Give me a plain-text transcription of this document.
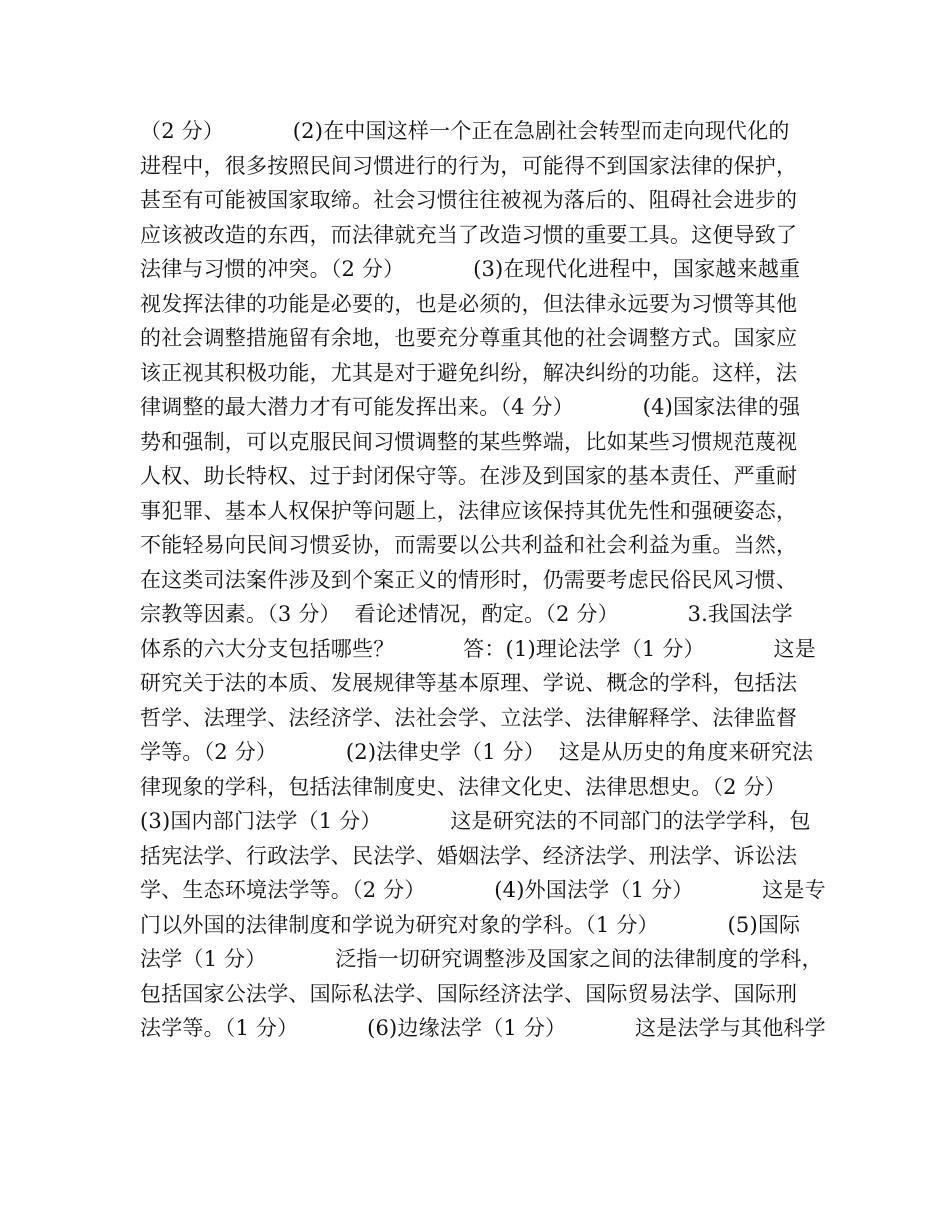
（2 分）          (2)在中国这样一个正在急剧社会转型而走向现代化的
进程中，很多按照民间习惯进行的行为，可能得不到国家法律的保护，
甚至有可能被国家取缔。社会习惯往往被视为落后的、阻碍社会进步的
应该被改造的东西，而法律就充当了改造习惯的重要工具。这便导致了
法律与习惯的冲突。（2 分）          (3)在现代化进程中，国家越来越重
视发挥法律的功能是必要的，也是必须的，但法律永远要为习惯等其他
的社会调整措施留有余地，也要充分尊重其他的社会调整方式。国家应
该正视其积极功能，尤其是对于避免纠纷，解决纠纷的功能。这样，法
律调整的最大潜力才有可能发挥出来。（4 分）          (4)国家法律的强
势和强制，可以克服民间习惯调整的某些弊端，比如某些习惯规范蔑视
人权、助长特权、过于封闭保守等。在涉及到国家的基本责任、严重耐
事犯罪、基本人权保护等问题上，法律应该保持其优先性和强硬姿态，
不能轻易向民间习惯妥协，而需要以公共利益和社会利益为重。当然，
在这类司法案件涉及到个案正义的情形时，仍需要考虑民俗民风习惯、
宗教等因素。（3 分）  看论述情况，酌定。（2 分）          3.我国法学
体系的六大分支包括哪些？          答：(1)理论法学（1 分）          这是
研究关于法的本质、发展规律等基本原理、学说、概念的学科，包括法
哲学、法理学、法经济学、法社会学、立法学、法律解释学、法律监督
学等。（2 分）          (2)法律史学（1 分）  这是从历史的角度来研究法
律现象的学科，包括法律制度史、法律文化史、法律思想史。（2 分）
(3)国内部门法学（1 分）          这是研究法的不同部门的法学学科，包
括宪法学、行政法学、民法学、婚姻法学、经济法学、刑法学、诉讼法
学、生态环境法学等。（2 分）          (4)外国法学（1 分）          这是专
门以外国的法律制度和学说为研究对象的学科。（1 分）          (5)国际
法学（1 分）          泛指一切研究调整涉及国家之间的法律制度的学科，
包括国家公法学、国际私法学、国际经济法学、国际贸易法学、国际刑
法学等。（1 分）          (6)边缘法学（1 分）          这是法学与其他科学
